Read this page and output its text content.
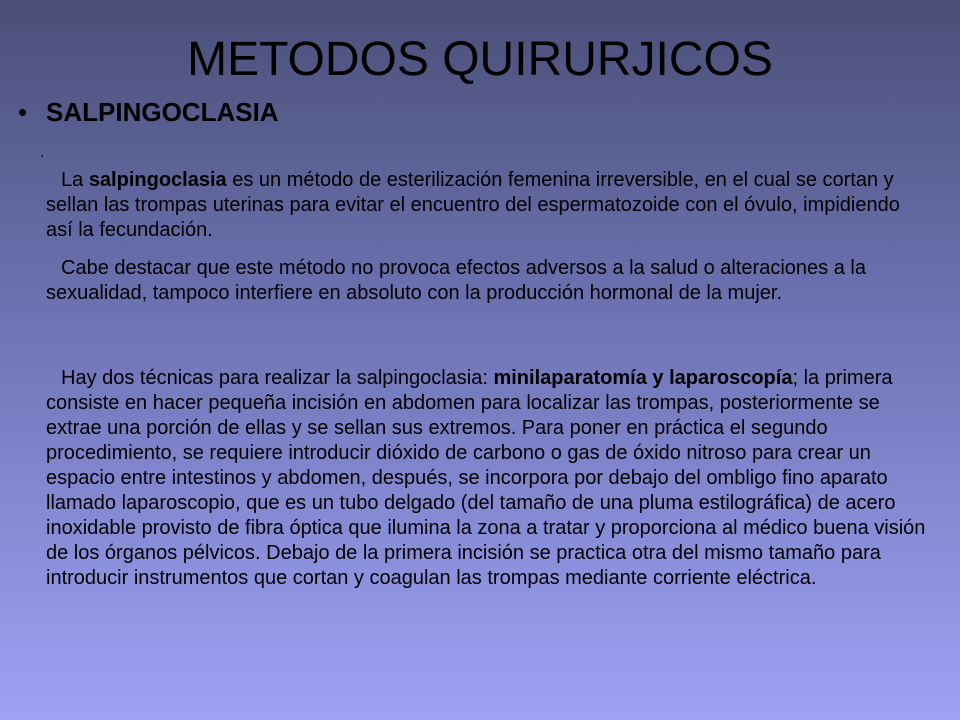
METODOS QUIRURJICOS
• SALPINGOCLASIA
.
La salpingoclasia es un método de esterilización femenina irreversible, en el cual se cortan y sellan las trompas uterinas para evitar el encuentro del espermatozoide con el óvulo, impidiendo así la fecundación.
Cabe destacar que este método no provoca efectos adversos a la salud o alteraciones a la sexualidad, tampoco interfiere en absoluto con la producción hormonal de la mujer.
Hay dos técnicas para realizar la salpingoclasia: minilaparatomía y laparoscopía; la primera consiste en hacer pequeña incisión en abdomen para localizar las trompas, posteriormente se extrae una porción de ellas y se sellan sus extremos. Para poner en práctica el segundo procedimiento, se requiere introducir dióxido de carbono o gas de óxido nitroso para crear un espacio entre intestinos y abdomen, después, se incorpora por debajo del ombligo fino aparato llamado laparoscopio, que es un tubo delgado (del tamaño de una pluma estilográfica) de acero inoxidable provisto de fibra óptica que ilumina la zona a tratar y proporciona al médico buena visión de los órganos pélvicos. Debajo de la primera incisión se practica otra del mismo tamaño para introducir instrumentos que cortan y coagulan las trompas mediante corriente eléctrica.
